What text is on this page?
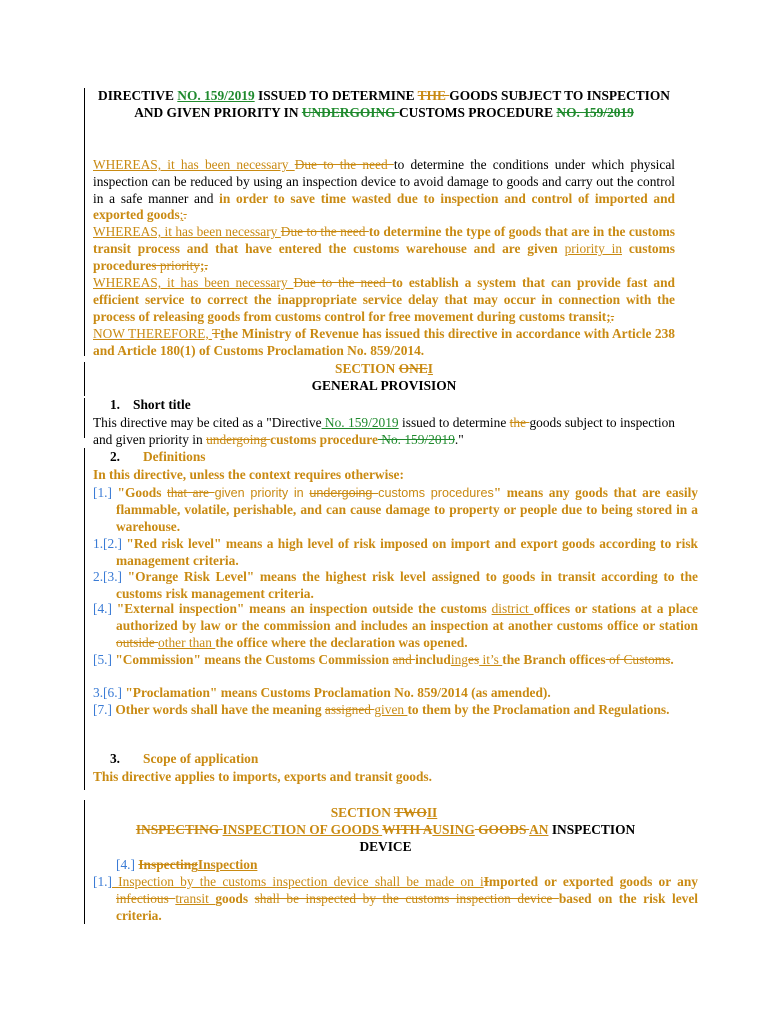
DIRECTIVE NO. 159/2019 ISSUED TO DETERMINE THE GOODS SUBJECT TO INSPECTION AND GIVEN PRIORITY IN UNDERGOING CUSTOMS PROCEDURE NO. 159/2019
WHEREAS, it has been necessary Due to the need to determine the conditions under which physical inspection can be reduced by using an inspection device to avoid damage to goods and carry out the control in a safe manner and in order to save time wasted due to inspection and control of imported and exported goods;.
WHEREAS, it has been necessary Due to the need to determine the type of goods that are in the customs transit process and that have entered the customs warehouse and are given priority in customs procedures priority;.
WHEREAS, it has been necessary Due to the need to establish a system that can provide fast and efficient service to correct the inappropriate service delay that may occur in connection with the process of releasing goods from customs control for free movement during customs transit;.
NOW THEREFORE, Tthe Ministry of Revenue has issued this directive in accordance with Article 238 and Article 180(1) of Customs Proclamation No. 859/2014.
SECTION ONEI
GENERAL PROVISION
1. Short title
This directive may be cited as a "Directive No. 159/2019 issued to determine the goods subject to inspection and given priority in undergoing customs procedure No. 159/2019."
2. Definitions
In this directive, unless the context requires otherwise:
[1.] "Goods that are given priority in undergoing customs procedures" means any goods that are easily flammable, volatile, perishable, and can cause damage to property or people due to being stored in a warehouse.
1.[2.] "Red risk level" means a high level of risk imposed on import and export goods according to risk management criteria.
2.[3.] "Orange Risk Level" means the highest risk level assigned to goods in transit according to the customs risk management criteria.
[4.] "External inspection" means an inspection outside the customs district offices or stations at a place authorized by law or the commission and includes an inspection at another customs office or station outside other than the office where the declaration was opened.
[5.] "Commission" means the Customs Commission and includinges it’s the Branch offices of Customs.
3.[6.] "Proclamation" means Customs Proclamation No. 859/2014 (as amended).
[7.] Other words shall have the meaning assigned given to them by the Proclamation and Regulations.
3. Scope of application
This directive applies to imports, exports and transit goods.
SECTION TWOII
INSPECTING INSPECTION OF GOODS WITH AUSING GOODS AN INSPECTION DEVICE
[4.] InspectingInspection
[1.] Inspection by the customs inspection device shall be made on iImported or exported goods or any infectious transit goods shall be inspected by the customs inspection device based on the risk level criteria.
